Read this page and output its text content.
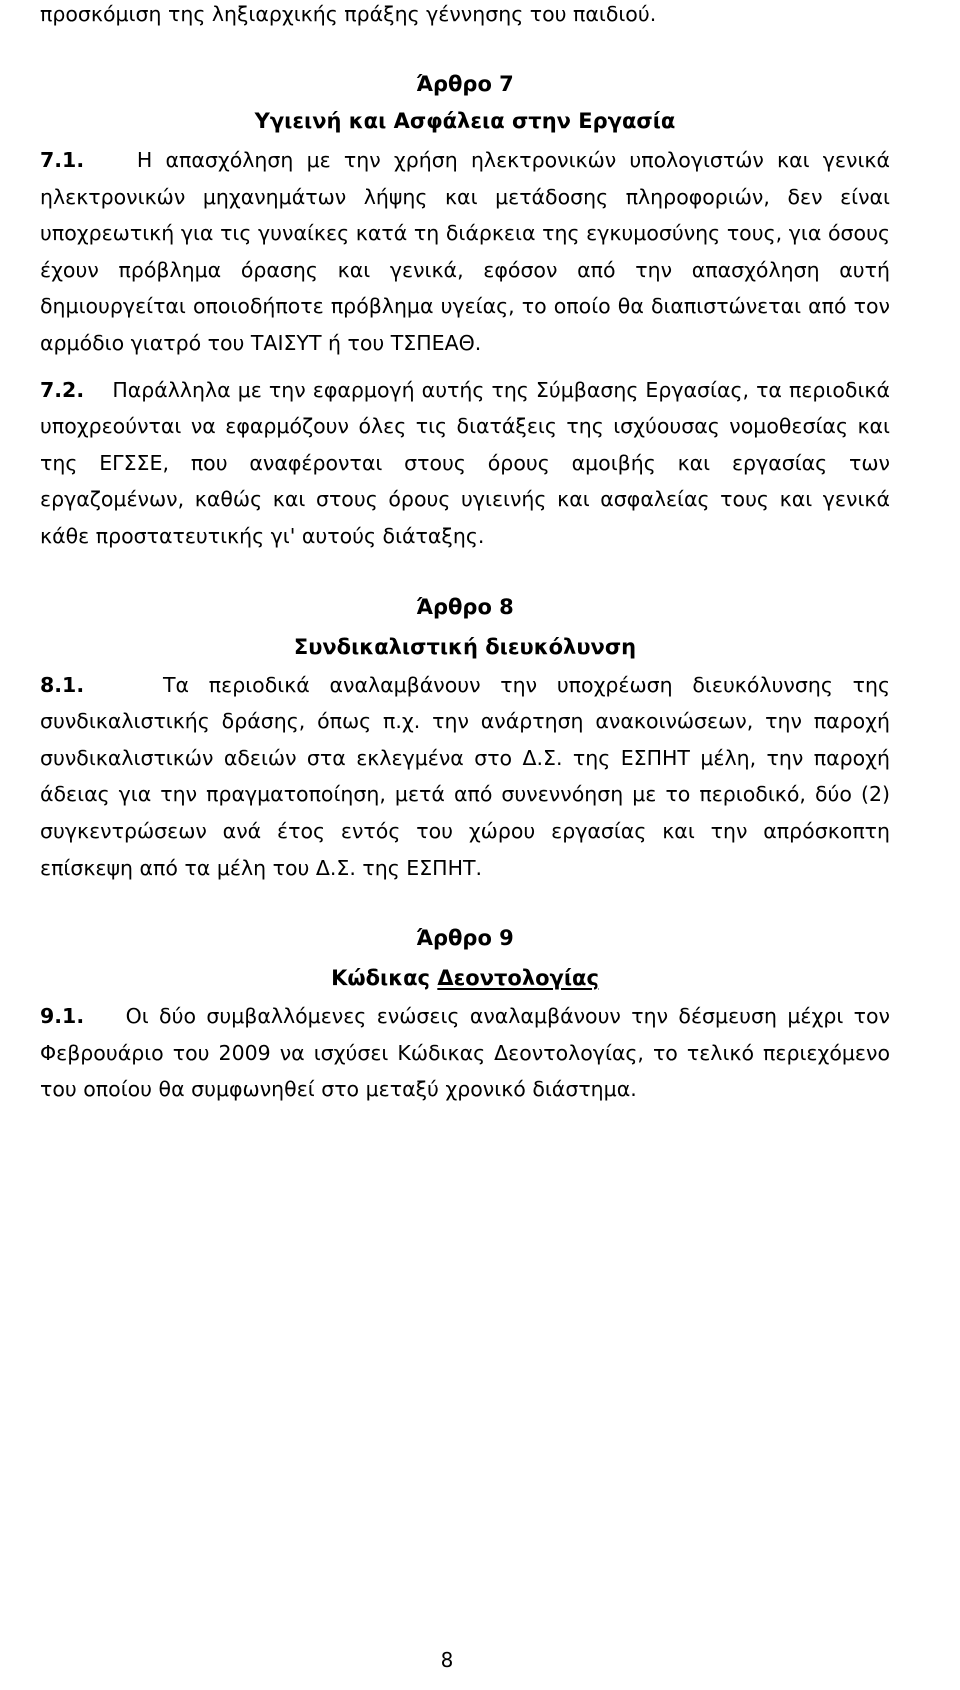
προσκόμιση της ληξιαρχικής πράξης γέννησης του παιδιού.

Άρθρο 7

Υγιεινή και Ασφάλεια στην Εργασία

7.1.	Η απασχόληση με την χρήση ηλεκτρονικών υπολογιστών και γενικά ηλεκτρονικών μηχανημάτων λήψης και μετάδοσης πληροφοριών, δεν είναι υποχρεωτική για τις γυναίκες κατά τη διάρκεια της εγκυμοσύνης τους, για όσους έχουν πρόβλημα όρασης και γενικά, εφόσον από την απασχόληση αυτή δημιουργείται οποιοδήποτε πρόβλημα υγείας, το οποίο θα διαπιστώνεται από τον αρμόδιο γιατρό του ΤΑΙΣΥΤ ή του ΤΣΠΕΑΘ.

7.2. Παράλληλα με την εφαρμογή αυτής της Σύμβασης Εργασίας, τα περιοδικά υποχρεούνται να εφαρμόζουν όλες τις διατάξεις της ισχύουσας νομοθεσίας και της ΕΓΣΣΕ, που αναφέρονται στους όρους αμοιβής και εργασίας των εργαζομένων, καθώς και στους όρους υγιεινής και ασφαλείας τους και γενικά κάθε προστατευτικής γι' αυτούς διάταξης.

Άρθρο 8

Συνδικαλιστική διευκόλυνση

8.1.	Τα περιοδικά αναλαμβάνουν την υποχρέωση διευκόλυνσης της συνδικαλιστικής δράσης, όπως π.χ. την ανάρτηση ανακοινώσεων, την παροχή συνδικαλιστικών αδειών στα εκλεγμένα στο Δ.Σ. της ΕΣΠΗΤ μέλη, την παροχή άδειας για την πραγματοποίηση, μετά από συνεννόηση με το περιοδικό, δύο (2) συγκεντρώσεων ανά έτος εντός του χώρου εργασίας και την απρόσκοπτη επίσκεψη από τα μέλη του Δ.Σ. της ΕΣΠΗΤ.

Άρθρο 9

Κώδικας Δεοντολογίας

9.1. Οι δύο συμβαλλόμενες ενώσεις αναλαμβάνουν την δέσμευση μέχρι τον Φεβρουάριο του 2009 να ισχύσει Κώδικας Δεοντολογίας, το τελικό περιεχόμενο του οποίου θα συμφωνηθεί στο μεταξύ χρονικό διάστημα.

8
